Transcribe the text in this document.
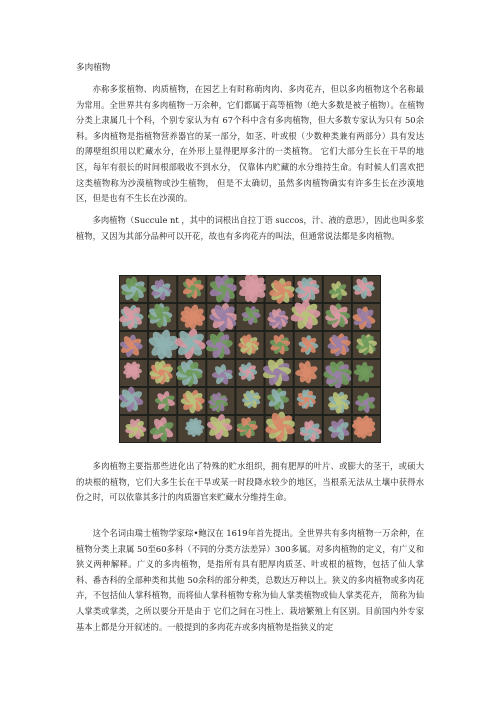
多肉植物

亦称多浆植物、肉质植物，在园艺上有时称萌肉肉、多肉花卉，但以多肉植物这个名称最为常用。全世界共有多肉植物一万余种，它们都属于高等植物（绝大多数是被子植物）。在植物分类上隶属几十个科，个别专家认为有 67个科中含有多肉植物，但大多数专家认为只有 50余科。多肉植物是指植物营养器官的某一部分，如茎、叶或根（少数种类兼有两部分）具有发达的薄壁组织用以贮藏水分，在外形上显得肥厚多汁的一类植物。 它们大部分生长在干旱的地区，每年有很长的时间根部吸收不到水分， 仅靠体内贮藏的水分维持生命。有时候人们喜欢把这类植物称为沙漠植物或沙生植物， 但是不太确切，虽然多肉植物确实有许多生长在沙漠地区，但是也有不生长在沙漠的。

多肉植物（Succule nt ，其中的词根出自拉丁语 succos，汁、液的意思），因此也叫多浆植物，又因为其部分品种可以开花，故也有多肉花卉的叫法，但通常说法都是多肉植物。

多肉植物主要指那些进化出了特殊的贮水组织，拥有肥厚的叶片、或膨大的茎干，或硕大的块根的植物，它们大多生长在干旱或某一时段降水较少的地区，当根系无法从土壤中获得水份之时，可以依靠其多汁的肉质器官来贮藏水分维持生命。

这个名词由瑞士植物学家琮•鲍汉在 1619年首先提出。全世界共有多肉植物一万余种，在植物分类上隶属 50至60多科（不同的分类方法差异）300多属。对多肉植物的定义，有广义和狭义两种解释。广义的多肉植物，是指所有具有肥厚肉质茎、叶或根的植物，包括了仙人掌科、番杏科的全部种类和其他 50余科的部分种类，总数达万种以上。狭义的多肉植物或多肉花卉，不包括仙人掌科植物，而将仙人掌科植物专称为仙人掌类植物或仙人掌类花卉， 简称为仙人掌类或掌类，之所以要分开是由于 它们之间在习性上、栽培繁殖上有区别。目前国内外专家基本上都是分开叙述的。一般提到的多肉花卉或多肉植物是指狭义的定
